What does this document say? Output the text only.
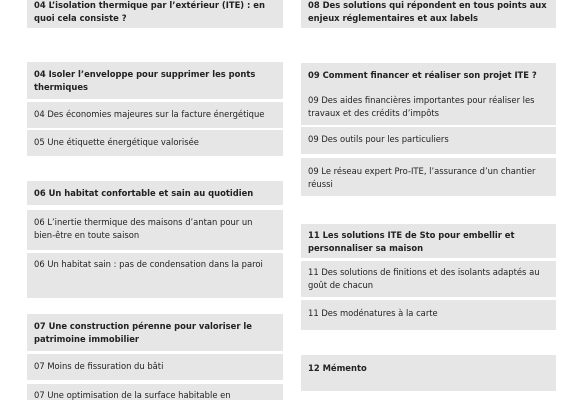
04 L’isolation thermique par l’extérieur (ITE) : en quoi cela consiste ?
04 Isoler l’enveloppe pour supprimer les ponts thermiques
04 Des économies majeures sur la facture énergétique
05 Une étiquette énergétique valorisée
06 Un habitat confortable et sain au quotidien
06 L’inertie thermique des maisons d’antan pour un bien-être en toute saison
06 Un habitat sain : pas de condensation dans la paroi
07 Une construction pérenne pour valoriser le patrimoine immobilier
07 Moins de fissuration du bâti
07 Une optimisation de la surface habitable en
08 Des solutions qui répondent en tous points aux enjeux réglementaires et aux labels
09 Comment financer et réaliser son projet ITE ?
09 Des aides financières importantes pour réaliser les travaux et des crédits d’impôts
09 Des outils pour les particuliers
09 Le réseau expert Pro-ITE, l’assurance d’un chantier réussi
11 Les solutions ITE de Sto pour embellir et personnaliser sa maison
11 Des solutions de finitions et des isolants adaptés au goût de chacun
11 Des modénatures à la carte
12 Mémento
